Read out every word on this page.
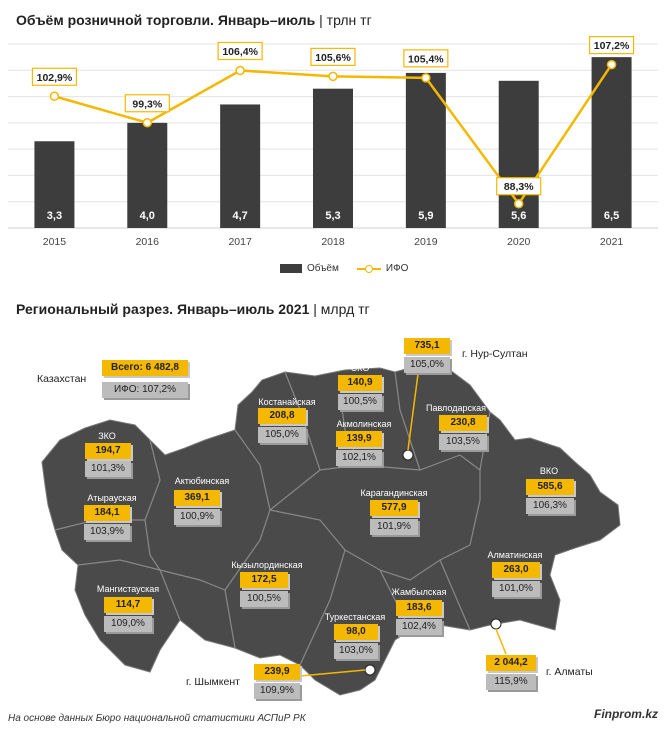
Объём розничной торговли. Январь–июль | трлн тг
3,3
2015
4,0
2016
4,7
2017
5,3
2018
5,9
2019
5,6
2020
6,5
2021
102,9%
99,3%
106,4%	105,6%	105,4%
88,3%
107,2%
Объём	ИФО
Региональный разрез. Январь–июль 2021 | млрд тг
Казахстан
Всего: 6 482,8
ИФО: 107,2%
ЗКО
194,7
101,3%
Атырауская
184,1
103,9%
Мангистауская
114,7
109,0%
Актюбинская
369,1
100,9%
Костанайская
208,8
105,0%
СКО
140,9
100,5%
Акмолинская
139,9
102,1%
Павлодарская
230,8
103,5%
ВКО
585,6
106,3%
Карагандинская
577,9
101,9%
Кызылординская
172,5
100,5%
Алматинская
263,0
101,0%
Жамбылская
183,6
102,4%
Туркестанская
98,0
103,0%
735,1
105,0%
г. Нур-Султан
239,9
109,9%
г. Шымкент
2 044,2
115,9%
г. Алматы
На основе данных Бюро национальной статистики АСПиР РК	Finprom.kz
